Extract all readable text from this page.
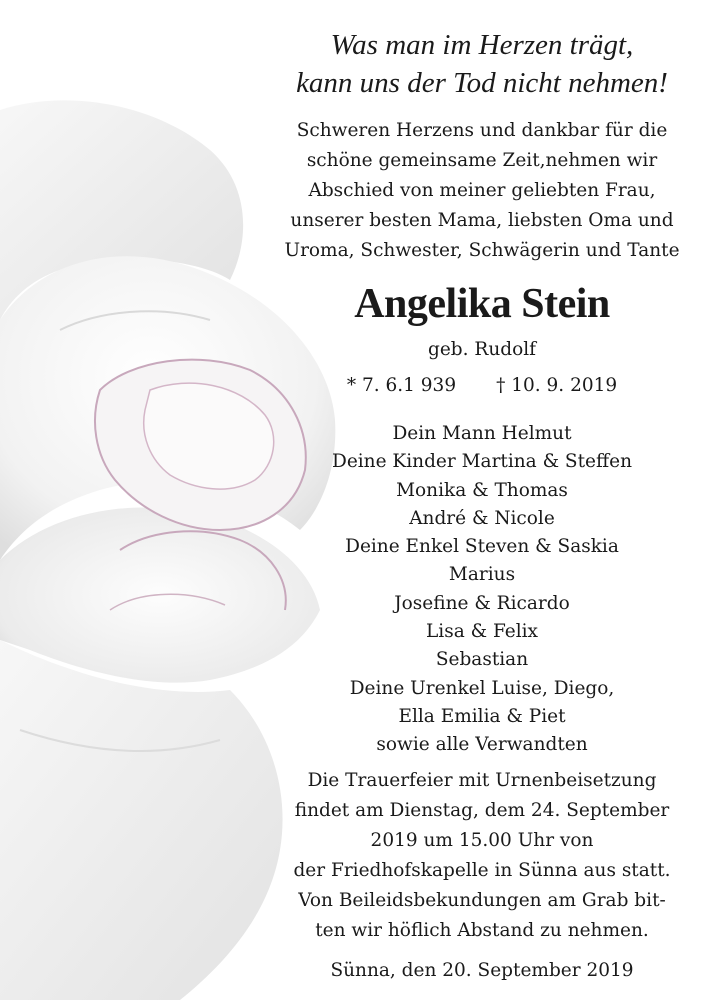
Was man im Herzen trägt,
kann uns der Tod nicht nehmen!

Schweren Herzens und dankbar für die
schöne gemeinsame Zeit,nehmen wir
Abschied von meiner geliebten Frau,
unserer besten Mama, liebsten Oma und
Uroma, Schwester, Schwägerin und Tante
Angelika Stein
geb. Rudolf
* 7. 6.1 939 † 10. 9. 2019
Dein Mann Helmut
Deine Kinder Martina & Steffen
Monika & Thomas
André & Nicole
Deine Enkel Steven & Saskia
Marius
Josefine & Ricardo
Lisa & Felix
Sebastian
Deine Urenkel Luise, Diego,
Ella Emilia & Piet
sowie alle Verwandten
Die Trauerfeier mit Urnenbeisetzung
findet am Dienstag, dem 24. September
2019 um 15.00 Uhr von
der Friedhofskapelle in Sünna aus statt.
Von Beileidsbekundungen am Grab bit-
ten wir höflich Abstand zu nehmen.
Sünna, den 20. September 2019
